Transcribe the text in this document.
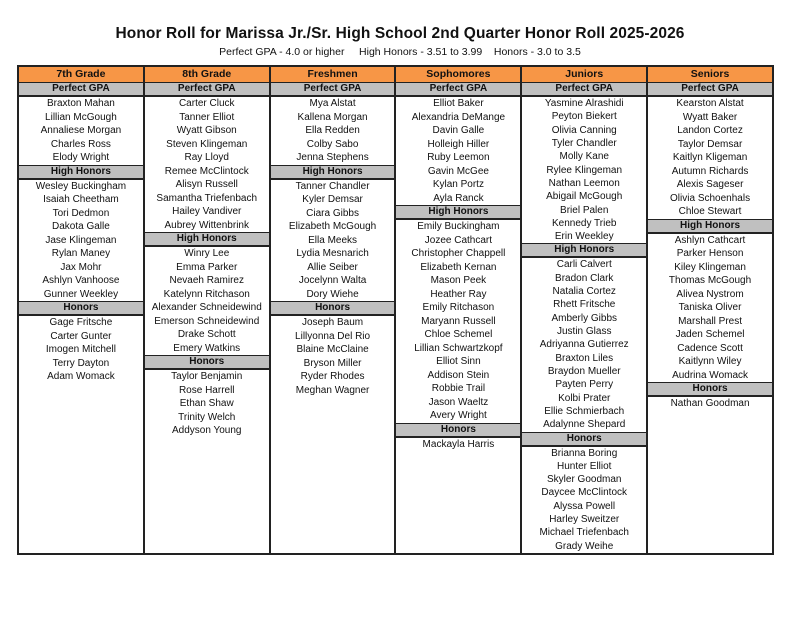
Honor Roll for Marissa Jr./Sr. High School 2nd Quarter Honor Roll 2025-2026
Perfect GPA - 4.0 or higher     High Honors - 3.51 to 3.99    Honors - 3.0 to 3.5
7th Grade
Perfect GPA
Braxton Mahan
Lillian McGough
Annaliese Morgan
Charles Ross
Elody Wright
High Honors
Wesley Buckingham
Isaiah Cheetham
Tori Dedmon
Dakota Galle
Jase Klingeman
Rylan Maney
Jax Mohr
Ashlyn Vanhoose
Gunner Weekley
Honors
Gage Fritsche
Carter Gunter
Imogen Mitchell
Terry Dayton
Adam Womack
8th Grade
Perfect GPA
Carter Cluck
Tanner Elliot
Wyatt Gibson
Steven Klingeman
Ray Lloyd
Remee McClintock
Alisyn Russell
Samantha Triefenbach
Hailey Vandiver
Aubrey Wittenbrink
High Honors
Winry Lee
Emma Parker
Nevaeh Ramirez
Katelynn Ritchason
Alexander Schneidewind
Emerson Schneidewind
Drake Schott
Emery Watkins
Honors
Taylor Benjamin
Rose Harrell
Ethan Shaw
Trinity Welch
Addyson Young
Freshmen
Perfect GPA
Mya Alstat
Kallena Morgan
Ella Redden
Colby Sabo
Jenna Stephens
High Honors
Tanner Chandler
Kyler Demsar
Ciara Gibbs
Elizabeth McGough
Ella Meeks
Lydia Mesnarich
Allie Seiber
Jocelynn Walta
Dory Wiehe
Honors
Joseph Baum
Lillyonna Del Rio
Blaine McClaine
Bryson Miller
Ryder Rhodes
Meghan Wagner
Sophomores
Perfect GPA
Elliot Baker
Alexandria DeMange
Davin Galle
Holleigh Hiller
Ruby Leemon
Gavin McGee
Kylan Portz
Ayla Ranck
High Honors
Emily Buckingham
Jozee Cathcart
Christopher Chappell
Elizabeth Kernan
Mason Peek
Heather Ray
Emily Ritchason
Maryann Russell
Chloe Schemel
Lillian Schwartzkopf
Elliot Sinn
Addison Stein
Robbie Trail
Jason Waeltz
Avery Wright
Honors
Mackayla Harris
Juniors
Perfect GPA
Yasmine Alrashidi
Peyton Biekert
Olivia Canning
Tyler Chandler
Molly Kane
Rylee Klingeman
Nathan Leemon
Abigail McGough
Briel Palen
Kennedy Trieb
Erin Weekley
High Honors
Carli Calvert
Bradon Clark
Natalia Cortez
Rhett Fritsche
Amberly Gibbs
Justin Glass
Adriyanna Gutierrez
Braxton Liles
Braydon Mueller
Payten Perry
Kolbi Prater
Ellie Schmierbach
Adalynne Shepard
Honors
Brianna Boring
Hunter Elliot
Skyler Goodman
Daycee McClintock
Alyssa Powell
Harley Sweitzer
Michael Triefenbach
Grady Weihe
Seniors
Perfect GPA
Kearston Alstat
Wyatt Baker
Landon Cortez
Taylor Demsar
Kaitlyn Kligeman
Autumn Richards
Alexis Sageser
Olivia Schoenhals
Chloe Stewart
High Honors
Ashlyn Cathcart
Parker Henson
Kiley Klingeman
Thomas McGough
Alivea Nystrom
Taniska Oliver
Marshall Prest
Jaden Schemel
Cadence Scott
Kaitlynn Wiley
Audrina Womack
Honors
Nathan Goodman
